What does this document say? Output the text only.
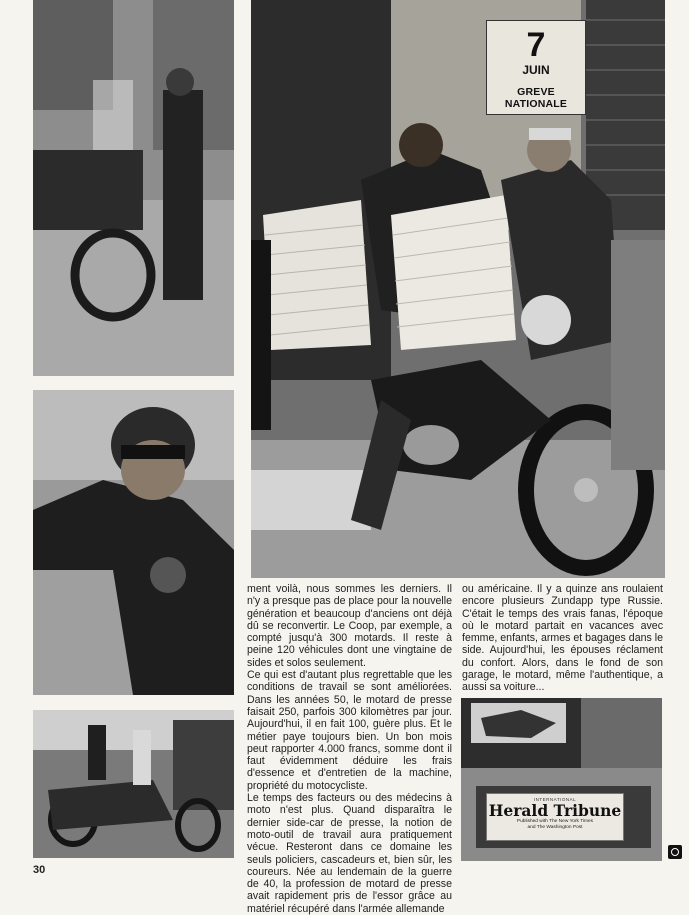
7
JUIN
GREVE NATIONALE
INTERNATIONAL
Herald Tribune
Published with The New York Times
and The Washington Post

ment voilà, nous sommes les derniers. Il n'y a presque pas de place pour la nouvelle génération et beaucoup d'anciens ont déjà dû se reconvertir. Le Coop, par exemple, a compté jusqu'à 300 motards. Il reste à peine 120 véhicules dont une vingtaine de sides et solos seulement.

Ce qui est d'autant plus regrettable que les conditions de travail se sont améliorées. Dans les années 50, le motard de presse faisait 250, parfois 300 kilomètres par jour. Aujourd'hui, il en fait 100, guère plus. Et le métier paye toujours bien. Un bon mois peut rapporter 4.000 francs, somme dont il faut évidemment déduire les frais d'essence et d'entretien de la machine, propriété du motocycliste.

Le temps des facteurs ou des médecins à moto n'est plus. Quand disparaîtra le dernier side-car de presse, la notion de moto-outil de travail aura pratiquement vécue. Resteront dans ce domaine les seuls policiers, cascadeurs et, bien sûr, les coureurs. Née au lendemain de la guerre de 40, la profession de motard de presse avait rapidement pris de l'essor grâce au matériel récupéré dans l'armée allemande

ou américaine. Il y a quinze ans roulaient encore plusieurs Zundapp type Russie. C'était le temps des vrais fanas, l'époque où le motard partait en vacances avec femme, enfants, armes et bagages dans le side. Aujourd'hui, les épouses réclament du confort. Alors, dans le fond de son garage, le motard, même l'authentique, a aussi sa voiture...

30
